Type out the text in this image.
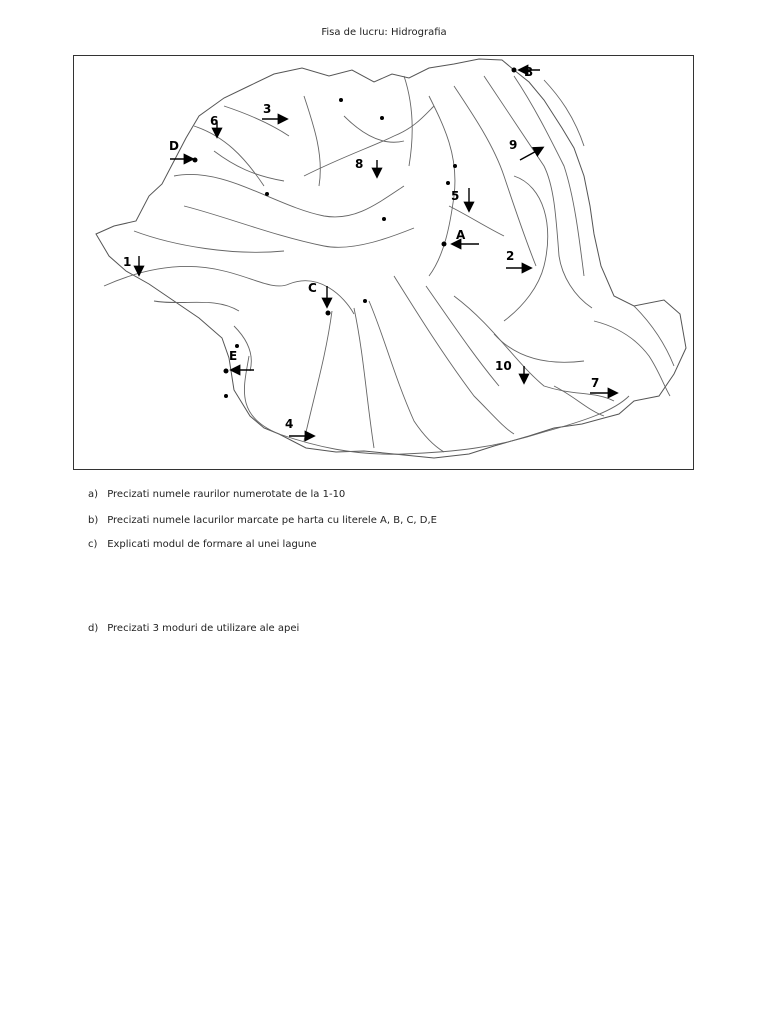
Fisa de lucru: Hidrografia
1	2
3
4
5
6
7
8
9
10
A
B
C
D
E
a) Precizati numele raurilor numerotate de la 1-10
b) Precizati numele lacurilor marcate pe harta cu literele A, B, C, D,E
c) Explicati modul de formare al unei lagune
d) Precizati 3 moduri de utilizare ale apei
